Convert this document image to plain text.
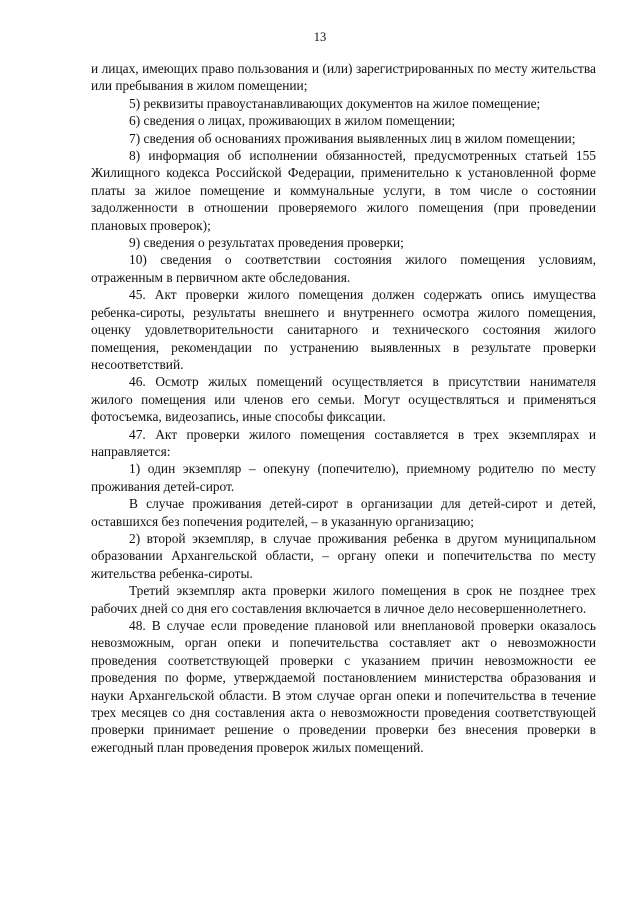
13

и лицах, имеющих право пользования и (или) зарегистрированных по месту жительства или пребывания в жилом помещении;

5) реквизиты правоустанавливающих документов на жилое помещение;

6) сведения о лицах, проживающих в жилом помещении;

7) сведения об основаниях проживания выявленных лиц в жилом помещении;

8) информация об исполнении обязанностей, предусмотренных статьей 155 Жилищного кодекса Российской Федерации, применительно к установленной форме платы за жилое помещение и коммунальные услуги, в том числе о состоянии задолженности в отношении проверяемого жилого помещения (при проведении плановых проверок);

9) сведения о результатах проведения проверки;

10) сведения о соответствии состояния жилого помещения условиям, отраженным в первичном акте обследования.

45. Акт проверки жилого помещения должен содержать опись имущества ребенка-сироты, результаты внешнего и внутреннего осмотра жилого помещения, оценку удовлетворительности санитарного и технического состояния жилого помещения, рекомендации по устранению выявленных в результате проверки несоответствий.

46. Осмотр жилых помещений осуществляется в присутствии нанимателя жилого помещения или членов его семьи. Могут осуществляться и применяться фотосъемка, видеозапись, иные способы фиксации.

47. Акт проверки жилого помещения составляется в трех экземплярах и направляется:

1) один экземпляр – опекуну (попечителю), приемному родителю по месту проживания детей-сирот.

В случае проживания детей-сирот в организации для детей-сирот и детей, оставшихся без попечения родителей, – в указанную организацию;

2) второй экземпляр, в случае проживания ребенка в другом муниципальном образовании Архангельской области, – органу опеки и попечительства по месту жительства ребенка-сироты.

Третий экземпляр акта проверки жилого помещения в срок не позднее трех рабочих дней со дня его составления включается в личное дело несовершеннолетнего.

48. В случае если проведение плановой или внеплановой проверки оказалось невозможным, орган опеки и попечительства составляет акт о невозможности проведения соответствующей проверки с указанием причин невозможности ее проведения по форме, утверждаемой постановлением министерства образования и науки Архангельской области. В этом случае орган опеки и попечительства в течение трех месяцев со дня составления акта о невозможности проведения соответствующей проверки принимает решение о проведении проверки без внесения проверки в ежегодный план проведения проверок жилых помещений.
